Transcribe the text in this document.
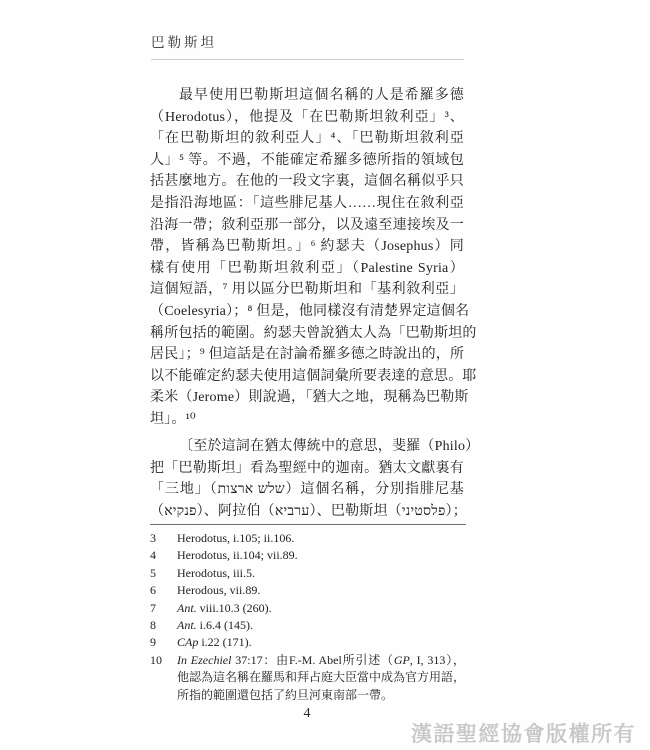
巴勒斯坦
最早使用巴勒斯坦這個名稱的人是希羅多德
（Herodotus），他提及「在巴勒斯坦敘利亞」³、
「在巴勒斯坦的敘利亞人」⁴、「巴勒斯坦敘利亞
人」⁵ 等。不過，不能確定希羅多德所指的領域包
括甚麼地方。在他的一段文字裏，這個名稱似乎只
是指沿海地區：「這些腓尼基人……現住在敘利亞
沿海一帶；敘利亞那一部分，以及遠至連接埃及一
帶，皆稱為巴勒斯坦。」⁶ 約瑟夫（Josephus）同
樣有使用「巴勒斯坦敘利亞」（Palestine Syria）
這個短語，⁷ 用以區分巴勒斯坦和「基利敘利亞」
（Coelesyria）；⁸ 但是，他同樣沒有清楚界定這個名
稱所包括的範圍。約瑟夫曾說猶太人為「巴勒斯坦的
居民」；⁹ 但這話是在討論希羅多德之時說出的，所
以不能確定約瑟夫使用這個詞彙所要表達的意思。耶
柔米（Jerome）則說過，「猶大之地，現稱為巴勒斯
坦」。¹⁰
〔至於這詞在猶太傳統中的意思，斐羅（Philo）
把「巴勒斯坦」看為聖經中的迦南。猶太文獻裏有
「三地」（שלש ארצות）這個名稱，分別指腓尼基
（פנקיא）、阿拉伯（ערביא）、巴勒斯坦（פלסטיני）；
3	Herodotus, i.105; ii.106.
4	Herodotus, ii.104; vii.89.
5	Herodotus, iii.5.
6	Herodous, vii.89.
7	Ant. viii.10.3 (260).
8	Ant. i.6.4 (145).
9	CAp i.22 (171).
10	In Ezechiel 37:17：由F.-M. Abel所引述（GP, I, 313），他認為這名稱在羅馬和拜占庭大臣當中成為官方用語，所指的範圍還包括了約旦河東南部一帶。
4
漢語聖經協會版權所有
